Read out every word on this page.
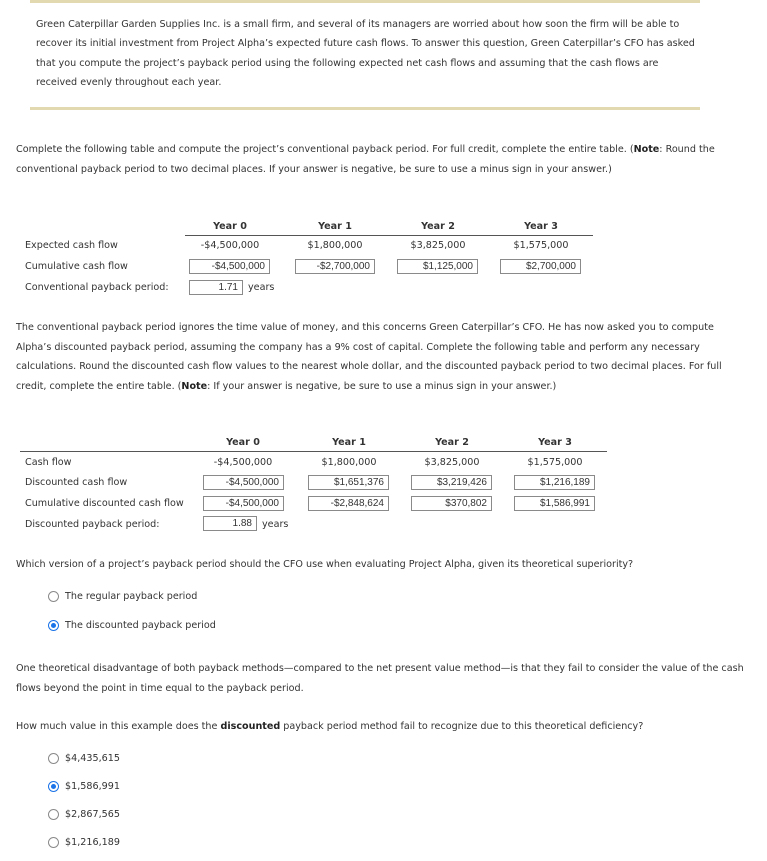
Green Caterpillar Garden Supplies Inc. is a small firm, and several of its managers are worried about how soon the firm will be able to recover its initial investment from Project Alpha’s expected future cash flows. To answer this question, Green Caterpillar’s CFO has asked that you compute the project’s payback period using the following expected net cash flows and assuming that the cash flows are received evenly throughout each year.
Complete the following table and compute the project’s conventional payback period. For full credit, complete the entire table. (Note: Round the conventional payback period to two decimal places. If your answer is negative, be sure to use a minus sign in your answer.)
Year 0	Year 1	Year 2	Year 3
Expected cash flow	-$4,500,000	$1,800,000	$3,825,000	$1,575,000
Cumulative cash flow	-$4,500,000	-$2,700,000	$1,125,000	$2,700,000
Conventional payback period:	1.71	years
The conventional payback period ignores the time value of money, and this concerns Green Caterpillar’s CFO. He has now asked you to compute Alpha’s discounted payback period, assuming the company has a 9% cost of capital. Complete the following table and perform any necessary calculations. Round the discounted cash flow values to the nearest whole dollar, and the discounted payback period to two decimal places. For full credit, complete the entire table. (Note: If your answer is negative, be sure to use a minus sign in your answer.)
Year 0	Year 1	Year 2	Year 3
Cash flow	-$4,500,000	$1,800,000	$3,825,000	$1,575,000
Discounted cash flow	-$4,500,000	$1,651,376	$3,219,426	$1,216,189
Cumulative discounted cash flow	-$4,500,000	-$2,848,624	$370,802	$1,586,991
Discounted payback period:	1.88	years
Which version of a project’s payback period should the CFO use when evaluating Project Alpha, given its theoretical superiority?
The regular payback period
The discounted payback period
One theoretical disadvantage of both payback methods—compared to the net present value method—is that they fail to consider the value of the cash flows beyond the point in time equal to the payback period.
How much value in this example does the discounted payback period method fail to recognize due to this theoretical deficiency?
$4,435,615
$1,586,991
$2,867,565
$1,216,189
